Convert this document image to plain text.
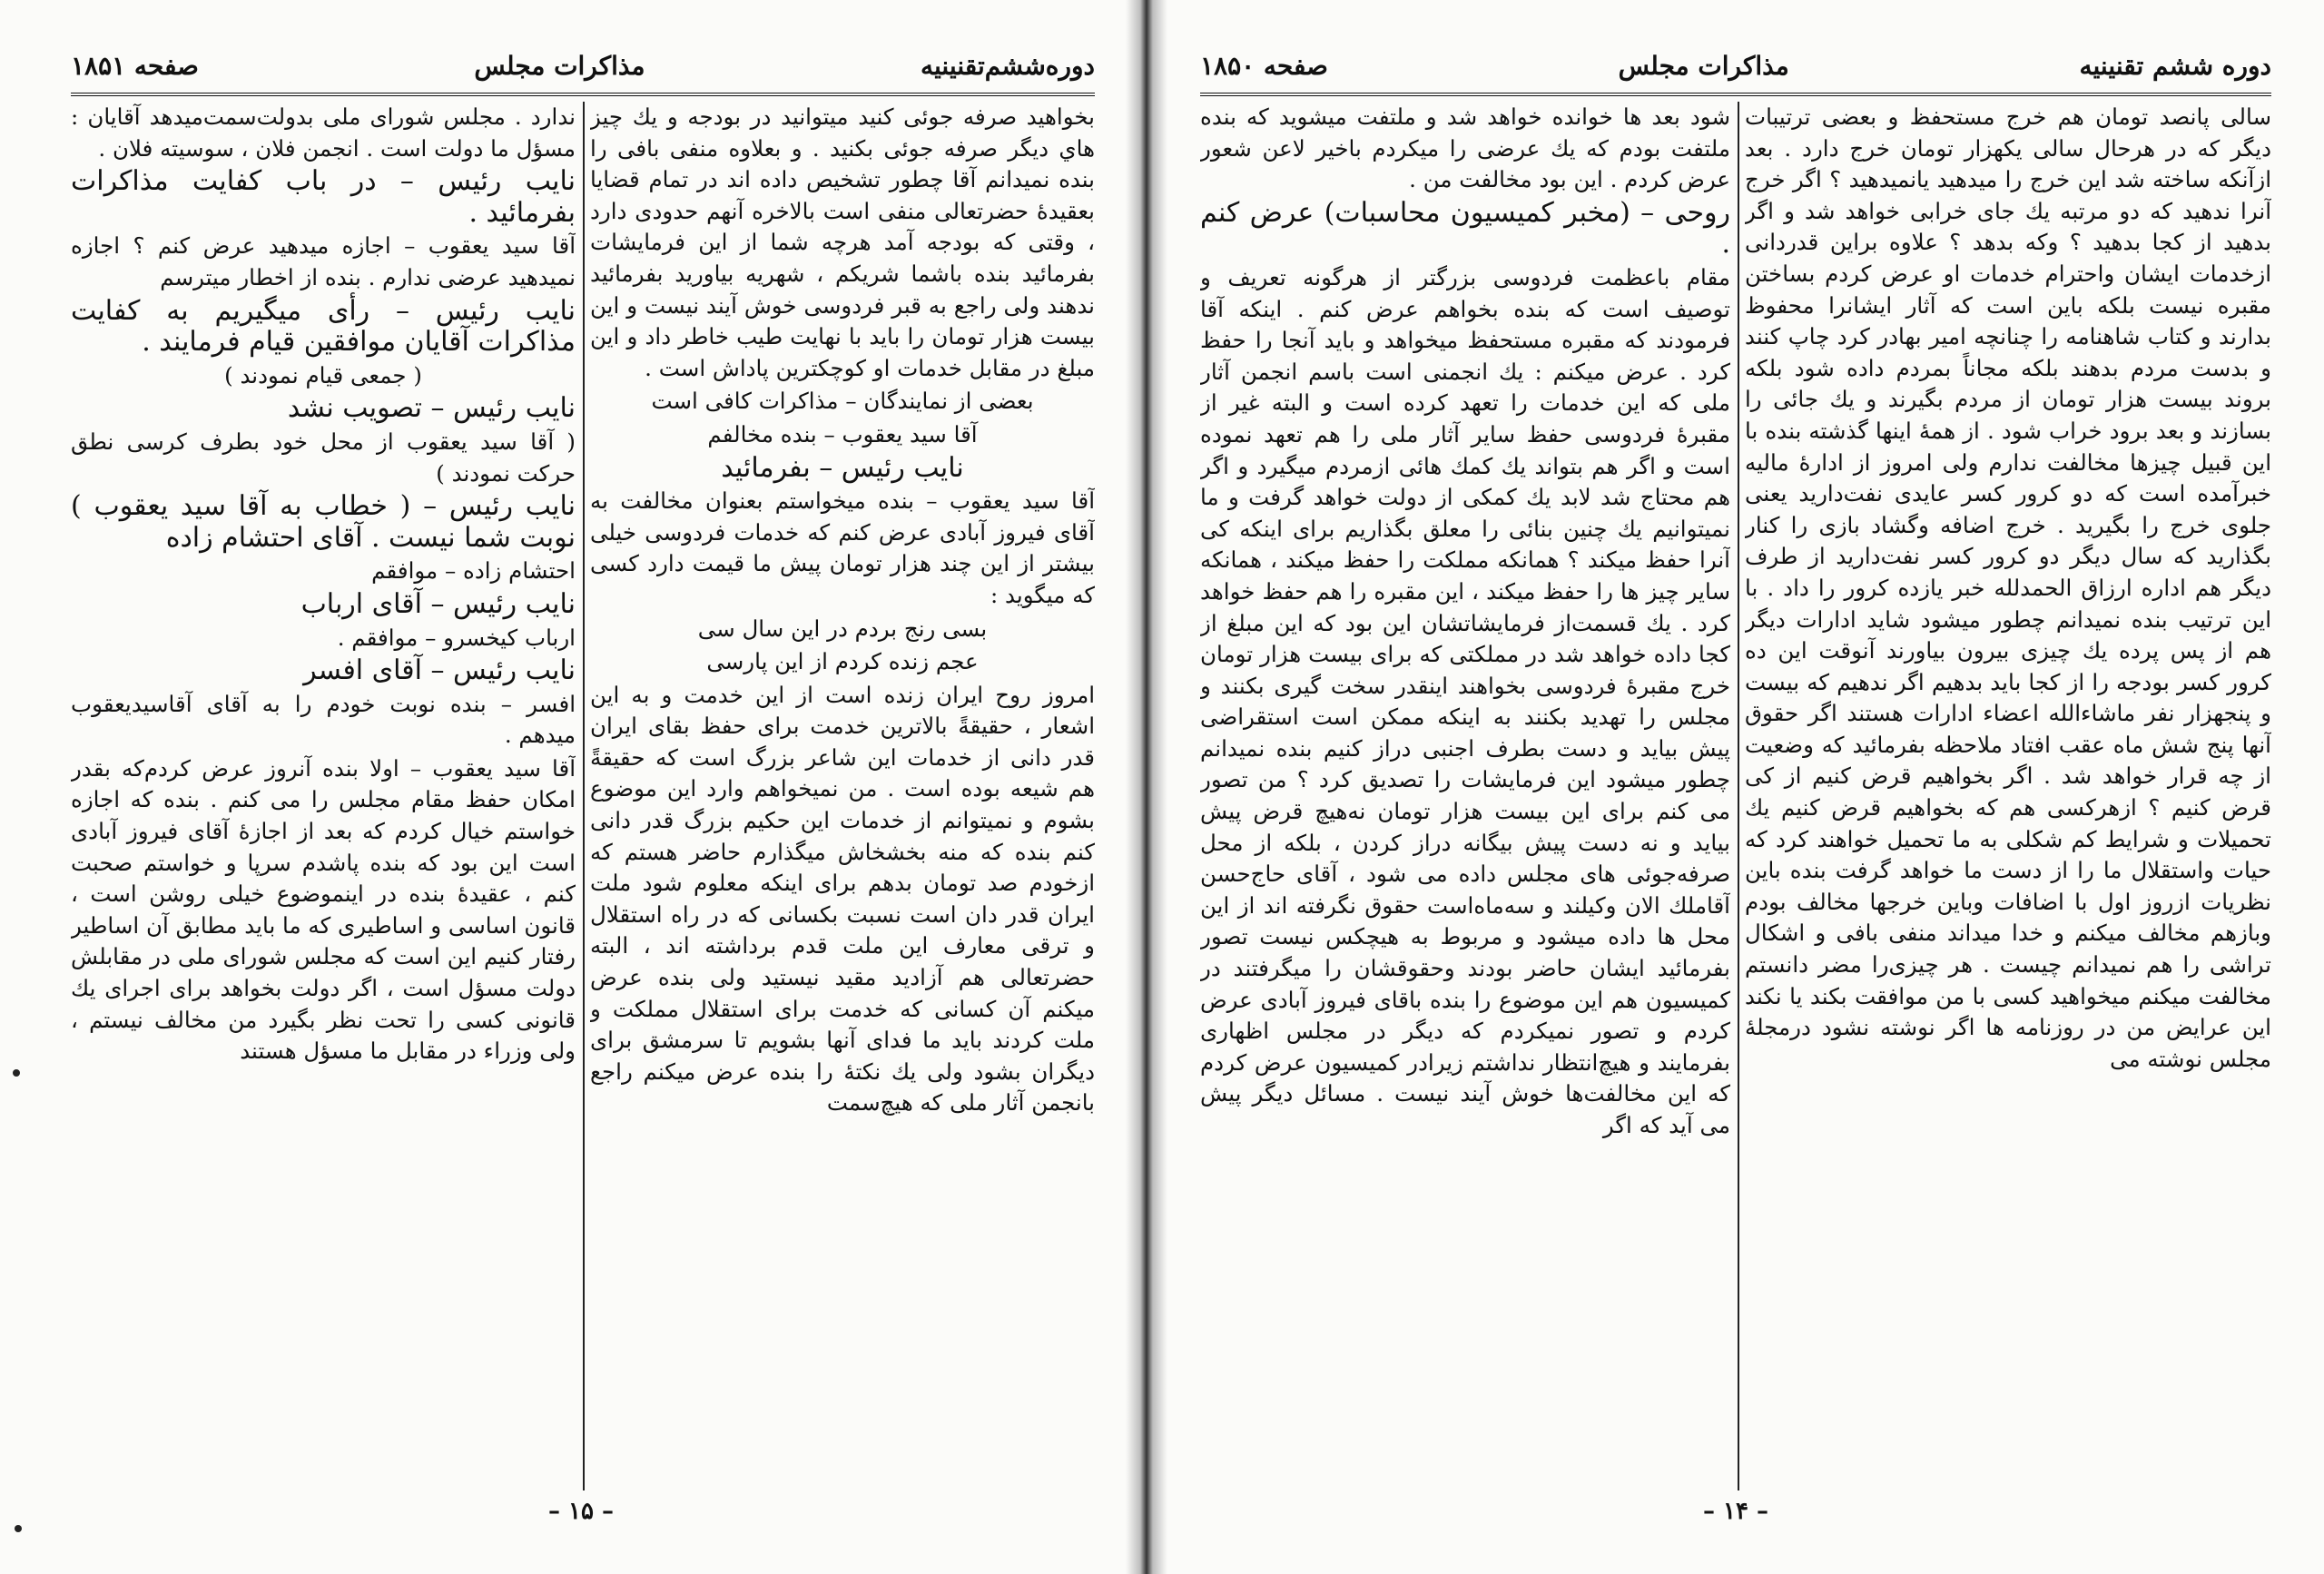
صفحه ۱۸۵۱	مذاکرات مجلس	دوره‌ششم‌تقنینیه

بخواهید صرفه جوئی کنید میتوانید در بودجه و یك چیز هاي دیگر صرفه جوئی بکنید . و بعلاوه منفی بافی را بنده نمیدانم آقا چطور تشخیص داده اند در تمام قضایا بعقیدهٔ حضرتعالی منفی است بالاخره آنهم حدودی دارد ، وقتی که بودجه آمد هرچه شما از این فرمایشات بفرمائید بنده باشما شریکم ، شهریه بیاورید بفرمائید ندهند ولی راجع به قبر فردوسی خوش آیند نیست و این بیست هزار تومان را باید با نهایت طیب خاطر داد و این مبلغ در مقابل خدمات او کوچکترین پاداش است .

بعضی از نمایندگان – مذاکرات کافی است

آقا سید یعقوب – بنده مخالفم

نایب رئیس – بفرمائید

آقا سید یعقوب – بنده میخواستم بعنوان مخالفت به آقای فیروز آبادی عرض کنم که خدمات فردوسی خیلی بیشتر از این چند هزار تومان پیش ما قیمت دارد کسی که میگوید :

بسی رنج بردم در این سال سی

عجم زنده کردم از این پارسی

امروز روح ایران زنده است از این خدمت و به این اشعار ، حقیقةً بالاترین خدمت برای حفظ بقای ایران قدر دانی از خدمات این شاعر بزرگ است که حقیقةً هم شیعه بوده است . من نمیخواهم وارد این موضوع بشوم و نمیتوانم از خدمات این حکیم بزرگ قدر دانی کنم بنده که منه بخشخاش میگذارم حاضر هستم که ازخودم صد تومان بدهم برای اینکه معلوم شود ملت ایران قدر دان است نسبت بکسانی که در راه استقلال و ترقی معارف این ملت قدم برداشته اند ، البته حضرتعالی هم آزادید مقید نیستید ولی بنده عرض میکنم آن کسانی که خدمت برای استقلال مملکت و ملت کردند باید ما فدای آنها بشویم تا سرمشق برای دیگران بشود ولی یك نکتهٔ را بنده عرض میکنم راجع بانجمن آثار ملی که هیچ‌سمت

ندارد . مجلس شورای ملی بدولت‌سمت‌میدهد آقایان : مسؤل ما دولت است . انجمن فلان ، سوسیته فلان .

نایب رئیس – در باب کفایت مذاکرات بفرمائید .

آقا سید یعقوب – اجازه میدهید عرض کنم ؟ اجازه نمیدهید عرضی ندارم . بنده از اخطار میترسم

نایب رئیس – رأی میگیریم به کفایت مذاکرات آقایان موافقین قیام فرمایند .

( جمعی قیام نمودند )

نایب رئیس – تصویب نشد

( آقا سید یعقوب از محل خود بطرف کرسی نطق حرکت نمودند )

نایب رئیس – ( خطاب به آقا سید یعقوب ) نوبت شما نیست . آقای احتشام زاده

احتشام زاده – موافقم

نایب رئیس – آقای ارباب

ارباب کیخسرو – موافقم .

نایب رئیس – آقای افسر

افسر – بنده نوبت خودم را به آقای آقاسیدیعقوب میدهم .

آقا سید یعقوب – اولا بنده آنروز عرض کردم‌که بقدر امکان حفظ مقام مجلس را می کنم . بنده که اجازه خواستم خیال کردم که بعد از اجازهٔ آقای فیروز آبادی است این بود که بنده پاشدم سرپا و خواستم صحبت کنم ، عقیدهٔ بنده در اینموضوع خیلی روشن است ، قانون اساسی و اساطیری که ما باید مطابق آن اساطیر رفتار کنیم این است که مجلس شورای ملی در مقابلش دولت مسؤل است ، اگر دولت بخواهد برای اجرای یك قانونی کسی را تحت نظر بگیرد من مخالف نیستم ، ولی وزراء در مقابل ما مسؤل هستند

– ۱۵ –
صفحه ۱۸۵۰	مذاکرات مجلس	دوره ششم تقنینیه

سالی پانصد تومان هم خرج مستحفظ و بعضی ترتیبات دیگر که در هرحال سالی یکهزار تومان خرج دارد . بعد ازآنکه ساخته شد این خرج را میدهید یانمیدهید ؟ اگر خرج آنرا ندهید که دو مرتبه یك جای خرابی خواهد شد و اگر بدهید از کجا بدهید ؟ وکه بدهد ؟ علاوه براین قدردانی ازخدمات ایشان واحترام خدمات او عرض کردم بساختن مقبره نیست بلکه باین است که آثار ایشانرا محفوظ بدارند و کتاب شاهنامه را چنانچه امیر بهادر کرد چاپ کنند و بدست مردم بدهند بلکه مجاناً بمردم داده شود بلکه بروند بیست هزار تومان از مردم بگیرند و یك جائی را بسازند و بعد برود خراب شود . از همهٔ اینها گذشته بنده با این قبیل چیزها مخالفت ندارم ولی امروز از ادارهٔ مالیه خبرآمده است که دو کرور کسر عایدی نفت‌دارید یعنی جلوی خرج را بگیرید . خرج اضافه وگشاد بازی را کنار بگذارید که سال دیگر دو کرور کسر نفت‌دارید از طرف دیگر هم اداره ارزاق الحمدلله خبر یازده کرور را داد . با این ترتیب بنده نمیدانم چطور میشود شاید ادارات دیگر هم از پس پرده یك چیزی بیرون بیاورند آنوقت این ده کرور کسر بودجه را از کجا باید بدهیم اگر ندهیم که بیست و پنجهزار نفر ماشاءالله اعضاء ادارات هستند اگر حقوق آنها پنج شش ماه عقب افتاد ملاحظه بفرمائید که وضعیت از چه قرار خواهد شد . اگر بخواهیم قرض کنیم از کی قرض کنیم ؟ ازهرکسی هم که بخواهیم قرض کنیم یك تحمیلات و شرایط کم شکلی به ما تحمیل خواهند کرد که حیات واستقلال ما را از دست ما خواهد گرفت بنده باین نظریات ازروز اول با اضافات وباین خرجها مخالف بودم وبازهم مخالف میکنم و خدا میداند منفی بافی و اشکال تراشی را هم نمیدانم چیست . هر چیزی‌را مضر دانستم مخالفت میکنم میخواهید کسی با من موافقت بکند یا نکند این عرایض من در روزنامه ها اگر نوشته نشود درمجلهٔ مجلس نوشته می

شود بعد ها خوانده خواهد شد و ملتفت میشوید که بنده ملتفت بودم که یك عرضی را میکردم باخیر لاعن شعور عرض کردم . این بود مخالفت من .

روحی – (مخبر کمیسیون محاسبات) عرض کنم .

مقام باعظمت فردوسی بزرگتر از هرگونه تعریف و توصیف است که بنده بخواهم عرض کنم . اینکه آقا فرمودند که مقبره مستحفظ میخواهد و باید آنجا را حفظ کرد . عرض میکنم : یك انجمنی است باسم انجمن آثار ملی که این خدمات را تعهد کرده است و البته غیر از مقبرهٔ فردوسی حفظ سایر آثار ملی را هم تعهد نموده است و اگر هم بتواند یك کمك هائی ازمردم میگیرد و اگر هم محتاج شد لابد یك کمکی از دولت خواهد گرفت و ما نمیتوانیم یك چنین بنائی را معلق بگذاریم برای اینکه کی آنرا حفظ میکند ؟ همانکه مملکت را حفظ میکند ، همانکه سایر چیز ها را حفظ میکند ، این مقبره را هم حفظ خواهد کرد . یك قسمت‌از فرمایشاتشان این بود که این مبلغ از کجا داده خواهد شد در مملکتی که برای بیست هزار تومان خرج مقبرهٔ فردوسی بخواهند اینقدر سخت گیری بکنند و مجلس را تهدید بکنند به اینکه ممکن است استقراضی پیش بیاید و دست بطرف اجنبی دراز کنیم بنده نمیدانم چطور میشود این فرمایشات را تصدیق کرد ؟ من تصور می کنم برای این بیست هزار تومان نه‌هیچ قرض پیش بیاید و نه دست پیش بیگانه دراز کردن ، بلکه از محل صرفه‌جوئی های مجلس داده می شود ، آقای حاج‌حسن آقاملك الان وکیلند و سه‌ماه‌است حقوق نگرفته اند از این محل ها داده میشود و مربوط به هیچکس نیست تصور بفرمائید ایشان حاضر بودند وحقوقشان را میگرفتند در کمیسیون هم این موضوع را بنده باقای فیروز آبادی عرض کردم و تصور نمیکردم که دیگر در مجلس اظهاری بفرمایند و هیچ‌انتظار نداشتم زیرادر کمیسیون عرض کردم که این مخالفت‌ها خوش آیند نیست . مسائل دیگر پیش می آید که اگر

– ۱۴ –
